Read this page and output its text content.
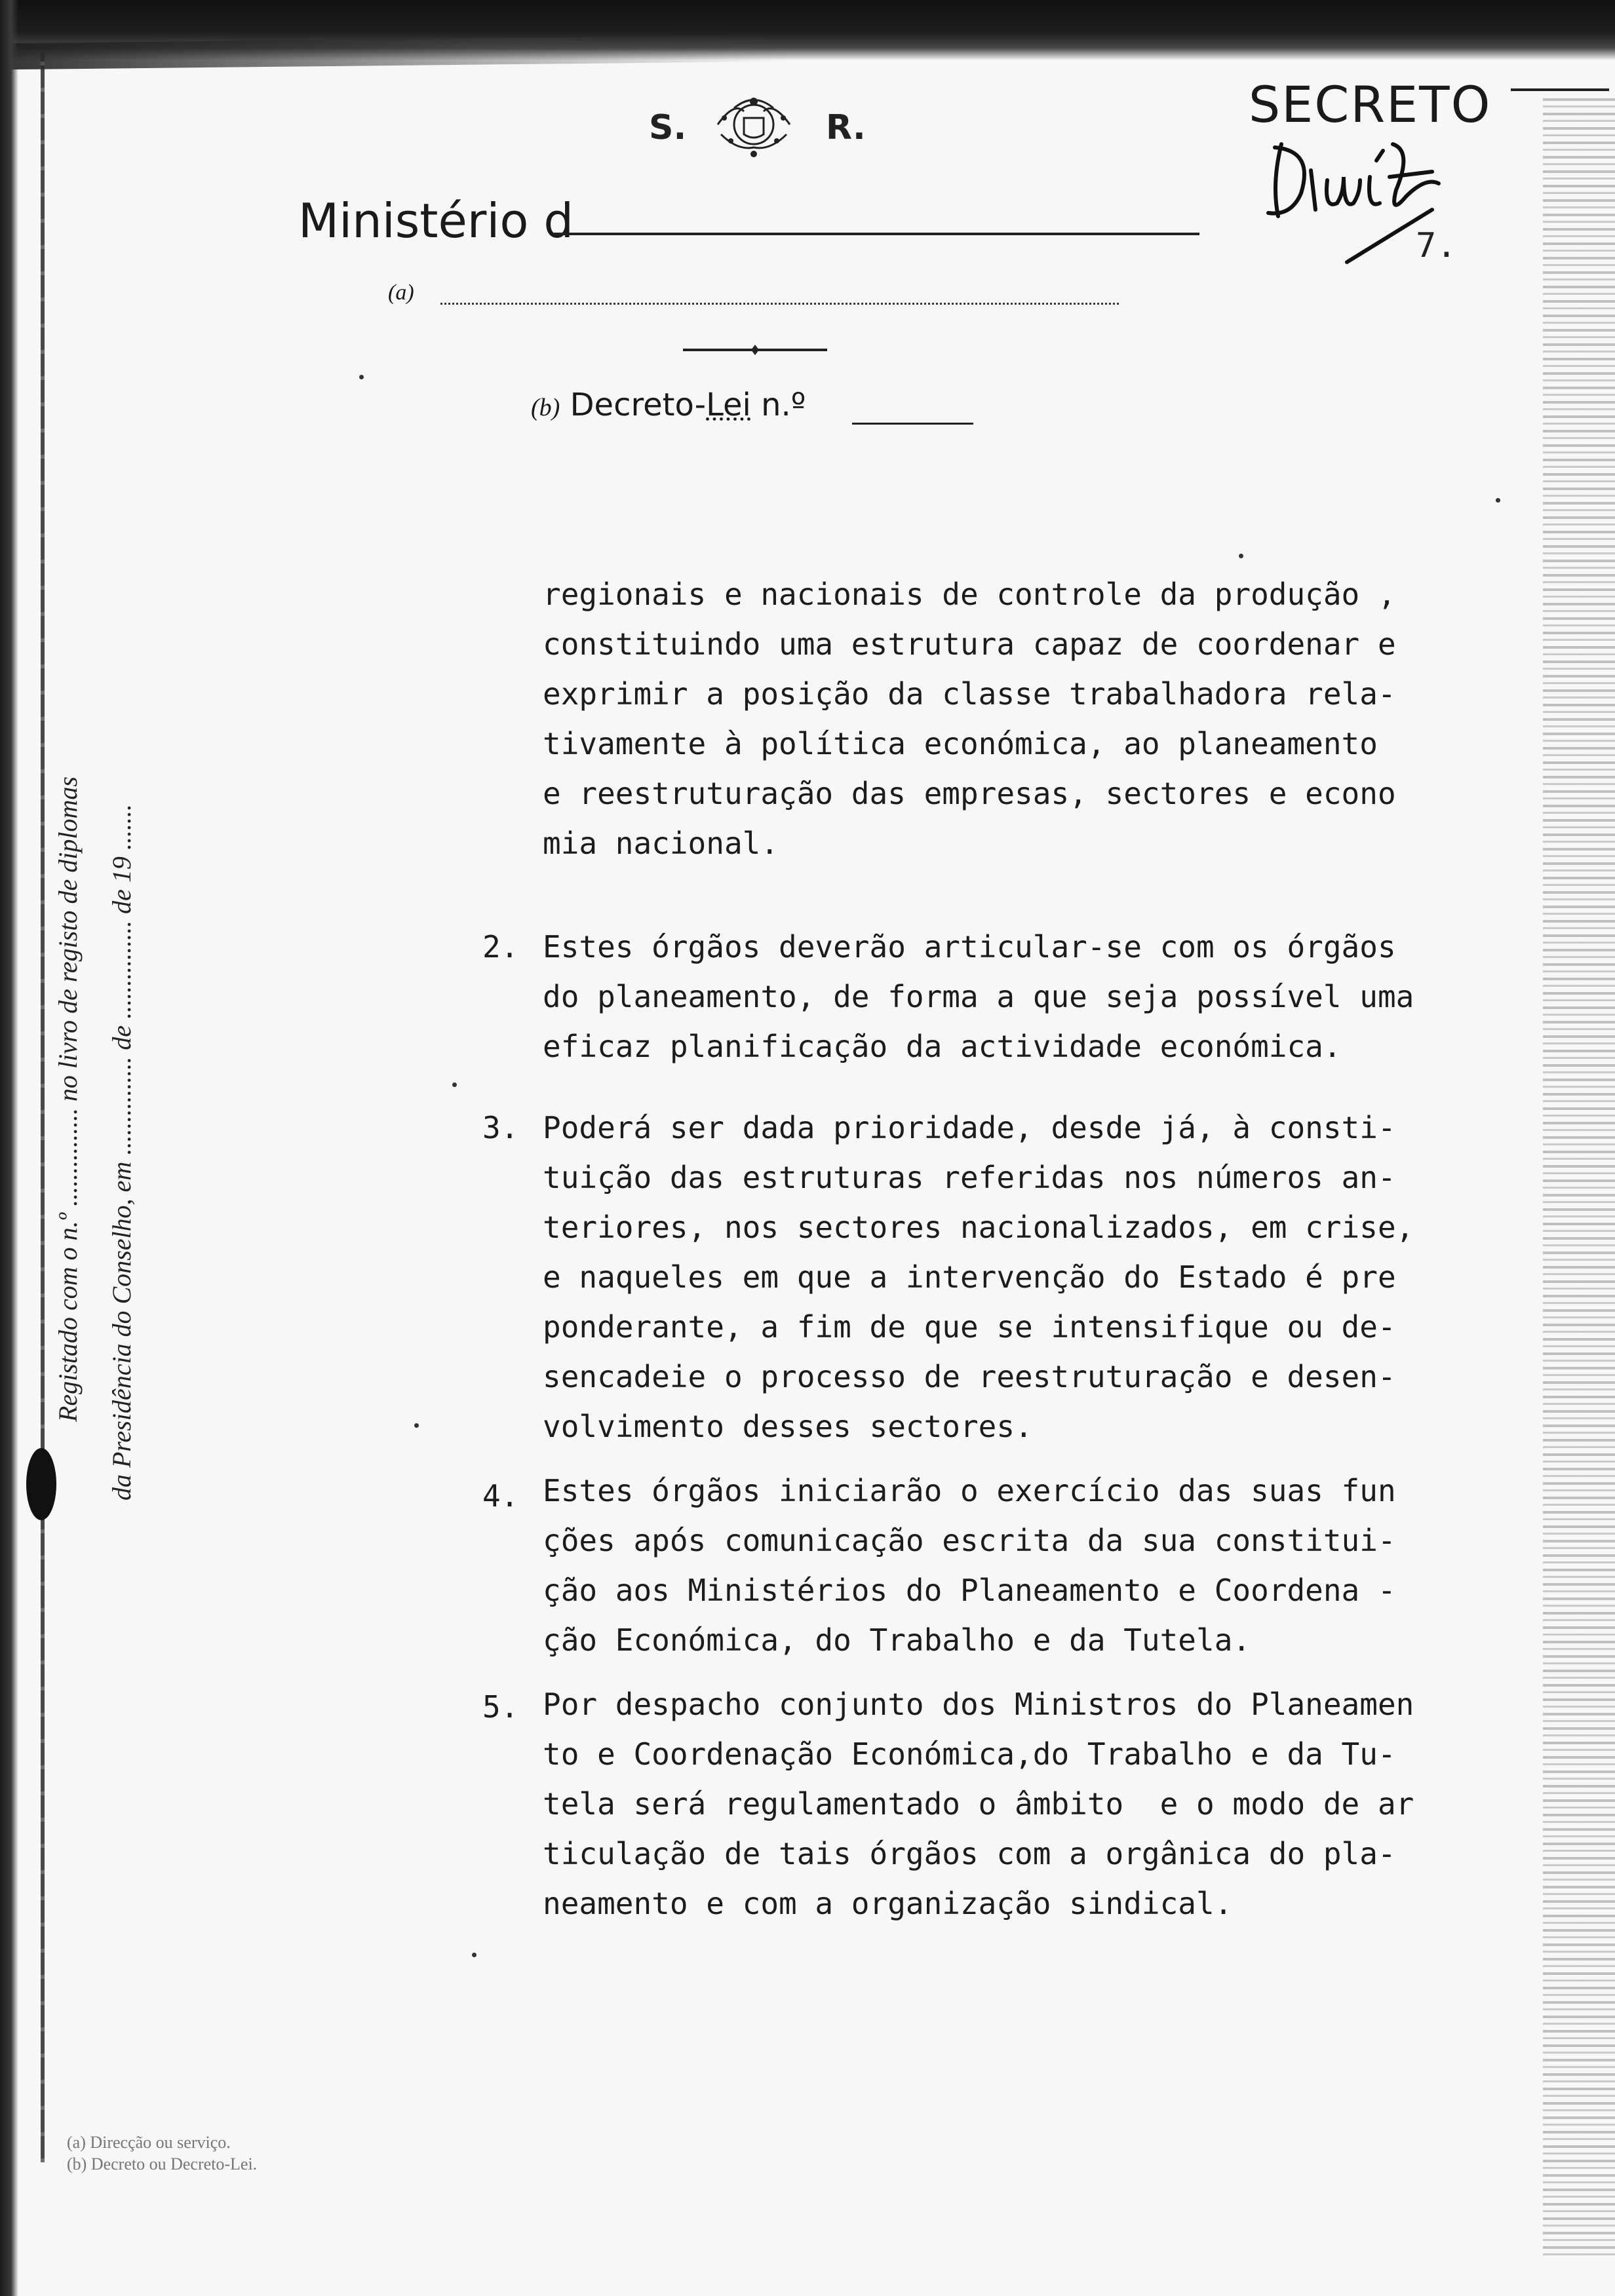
Registado com o n.º ............... no livro de registo de diplomas da Presidência do Conselho, em ............... de ............... de 19 .......
S.	R.	SECRETO
7.
Ministério d
(a)
(b) Decreto-Lei n.º
regionais e nacionais de controle da produção ,
constituindo uma estrutura capaz de coordenar e
exprimir a posição da classe trabalhadora rela-
tivamente à política económica, ao planeamento
e reestruturação das empresas, sectores e econo
mia nacional.
2. Estes órgãos deverão articular-se com os órgãos
do planeamento, de forma a que seja possível uma
eficaz planificação da actividade económica.
3. Poderá ser dada prioridade, desde já, à consti-
tuição das estruturas referidas nos números an-
teriores, nos sectores nacionalizados, em crise,
e naqueles em que a intervenção do Estado é pre
ponderante, a fim de que se intensifique ou de-
sencadeie o processo de reestruturação e desen-
volvimento desses sectores.
4. Estes órgãos iniciarão o exercício das suas fun
ções após comunicação escrita da sua constitui-
ção aos Ministérios do Planeamento e Coordena -
ção Económica, do Trabalho e da Tutela.
5. Por despacho conjunto dos Ministros do Planeamen
to e Coordenação Económica,do Trabalho e da Tu-
tela será regulamentado o âmbito  e o modo de ar
ticulação de tais órgãos com a orgânica do pla-
neamento e com a organização sindical.
(a) Direcção ou serviço.
(b) Decreto ou Decreto-Lei.
